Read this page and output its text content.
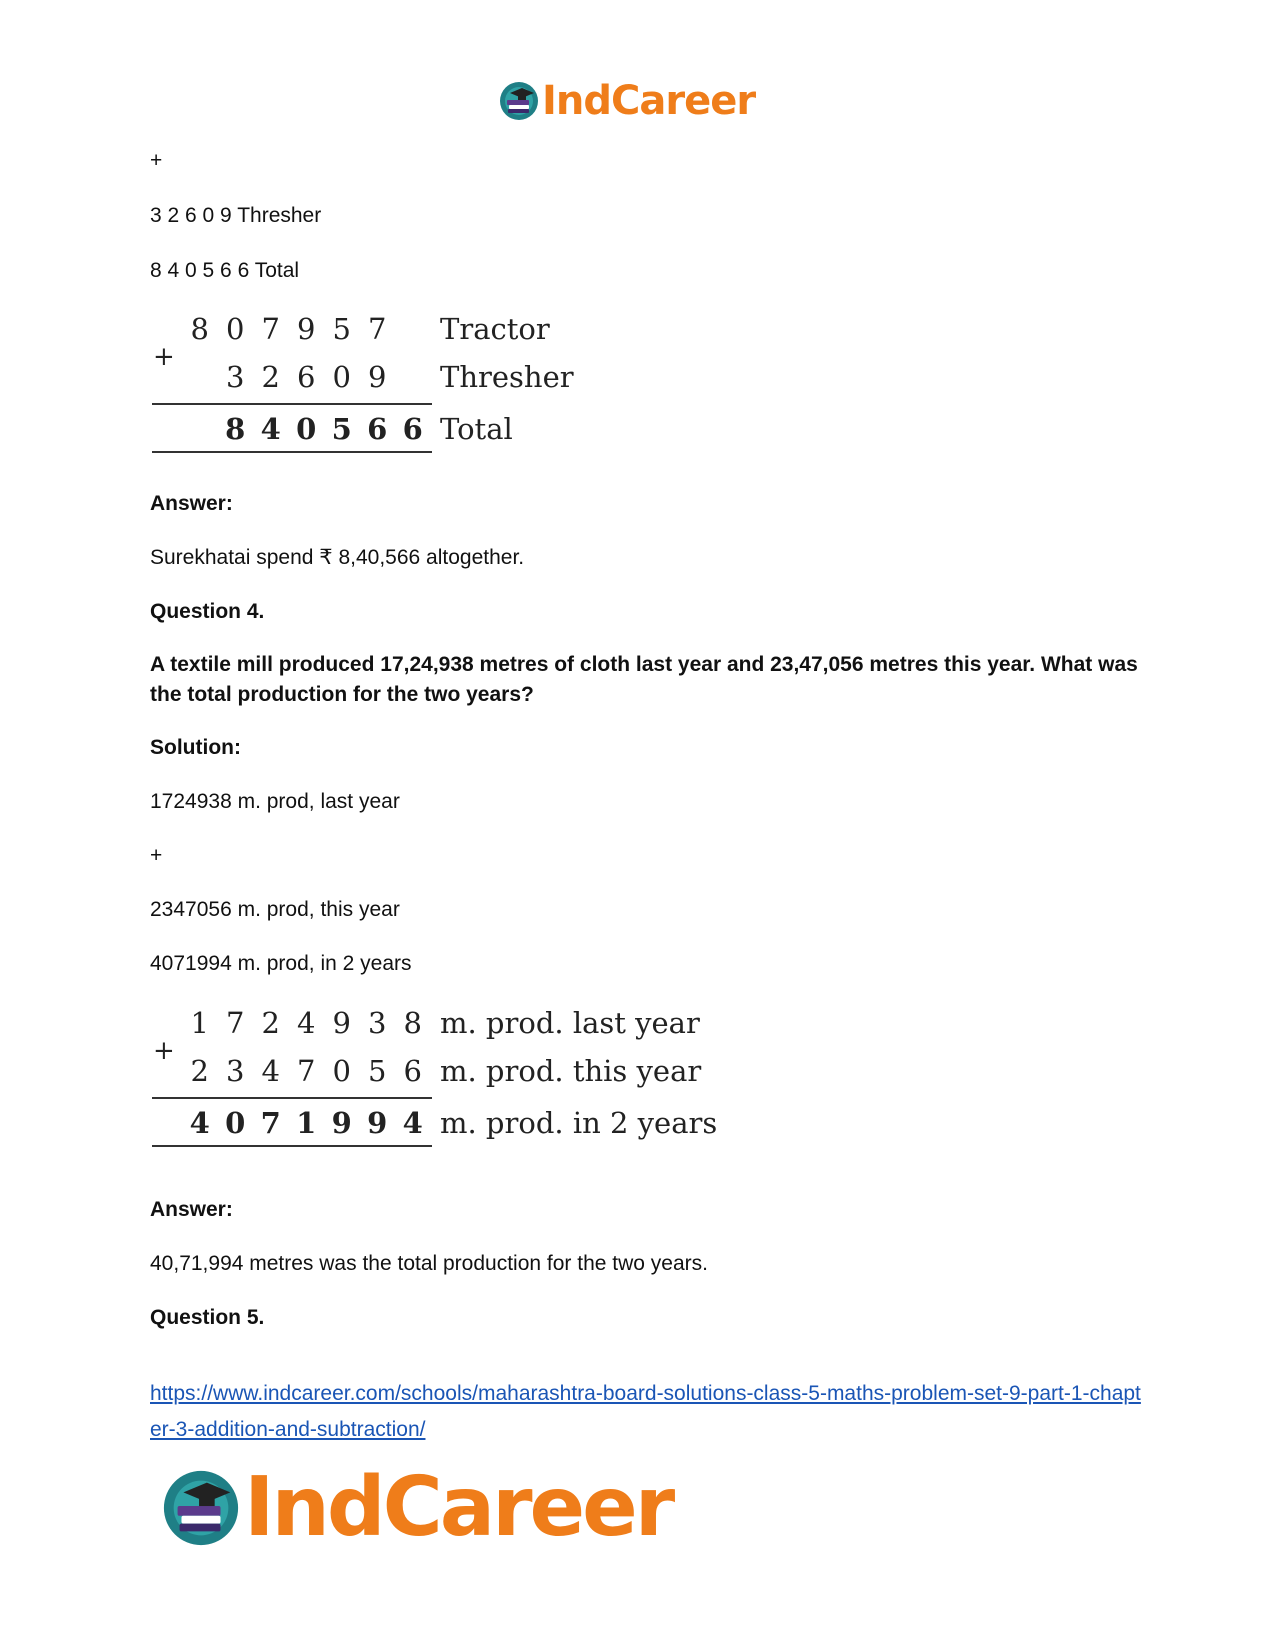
IndCareer
+
3 2 6 0 9 Thresher
8 4 0 5 6 6 Total
+
8 0 7 9 5 7 Tractor
3 2 6 0 9 Thresher
8 4 0 5 6 6 Total
Answer:
Surekhatai spend ₹ 8,40,566 altogether.
Question 4.
A textile mill produced 17,24,938 metres of cloth last year and 23,47,056 metres this year. What was the total production for the two years?
Solution:
1724938 m. prod, last year
+
2347056 m. prod, this year
4071994 m. prod, in 2 years
+
1 7 2 4 9 3 8 m. prod. last year
2 3 4 7 0 5 6 m. prod. this year
4 0 7 1 9 9 4 m. prod. in 2 years
Answer:
40,71,994 metres was the total production for the two years.
Question 5.
https://www.indcareer.com/schools/maharashtra-board-solutions-class-5-maths-problem-set-9-part-1-chapter-3-addition-and-subtraction/
IndCareer
